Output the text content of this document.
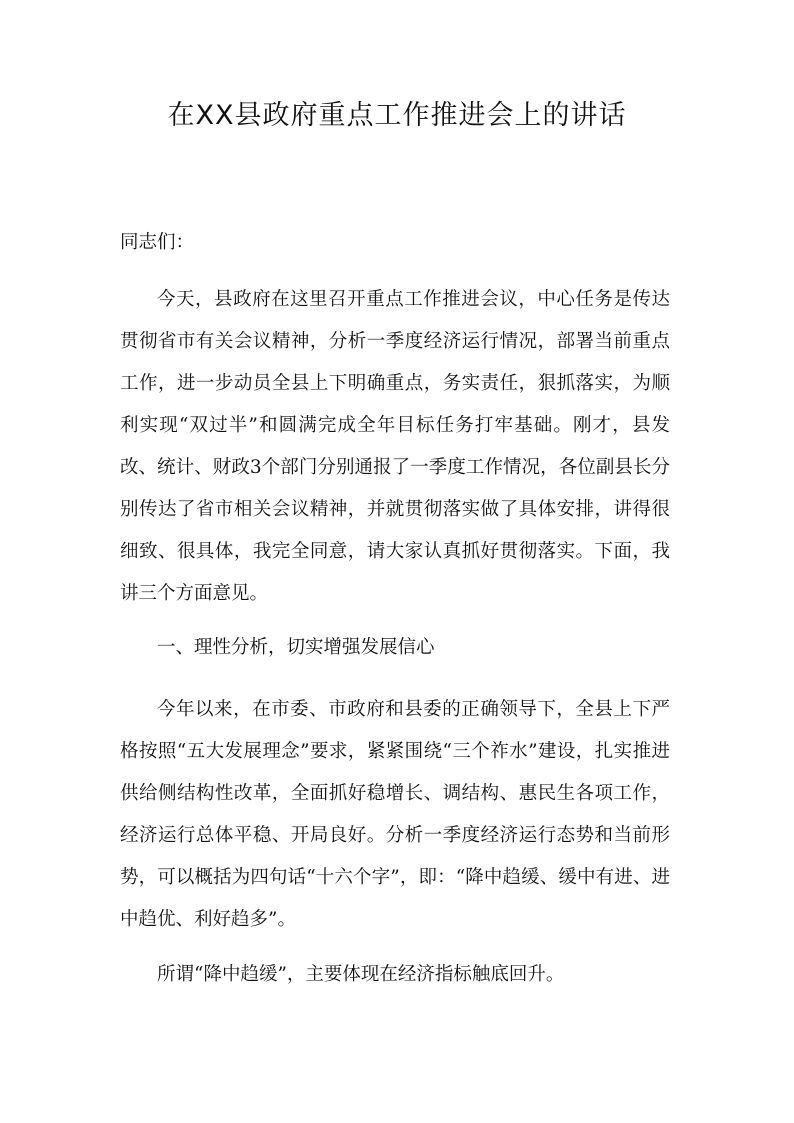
在XX县政府重点工作推进会上的讲话

同志们：

今天，县政府在这里召开重点工作推进会议，中心任务是传达贯彻省市有关会议精神，分析一季度经济运行情况，部署当前重点工作，进一步动员全县上下明确重点，务实责任，狠抓落实，为顺利实现“双过半”和圆满完成全年目标任务打牢基础。刚才，县发改、统计、财政3个部门分别通报了一季度工作情况，各位副县长分别传达了省市相关会议精神，并就贯彻落实做了具体安排，讲得很细致、很具体，我完全同意，请大家认真抓好贯彻落实。下面，我讲三个方面意见。

一、理性分析，切实增强发展信心

今年以来，在市委、市政府和县委的正确领导下，全县上下严格按照“五大发展理念”要求，紧紧围绕“三个祚水”建设，扎实推进供给侧结构性改革，全面抓好稳增长、调结构、惠民生各项工作，经济运行总体平稳、开局良好。分析一季度经济运行态势和当前形势，可以概括为四句话“十六个字”，即：“降中趋缓、缓中有进、进中趋优、利好趋多”。

所谓“降中趋缓”，主要体现在经济指标触底回升。
